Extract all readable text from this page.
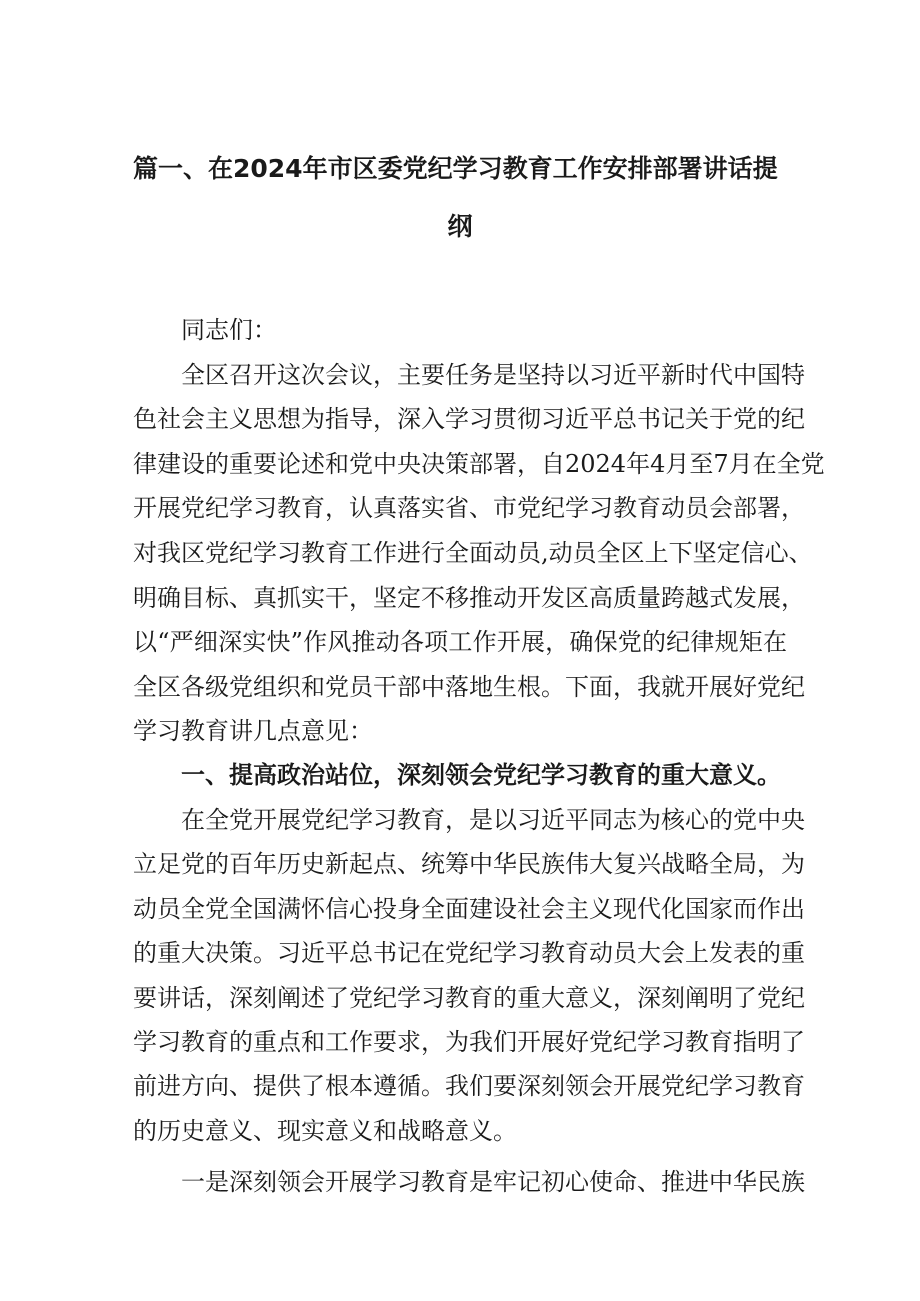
篇一、在2024年市区委党纪学习教育工作安排部署讲话提
纲
同志们：
全区召开这次会议，主要任务是坚持以习近平新时代中国特
色社会主义思想为指导，深入学习贯彻习近平总书记关于党的纪
律建设的重要论述和党中央决策部署，自2024年4月至7月在全党
开展党纪学习教育，认真落实省、市党纪学习教育动员会部署，
对我区党纪学习教育工作进行全面动员,动员全区上下坚定信心、
明确目标、真抓实干，坚定不移推动开发区高质量跨越式发展，
以“严细深实快”作风推动各项工作开展，确保党的纪律规矩在
全区各级党组织和党员干部中落地生根。下面，我就开展好党纪
学习教育讲几点意见：
一、提高政治站位，深刻领会党纪学习教育的重大意义。
在全党开展党纪学习教育，是以习近平同志为核心的党中央
立足党的百年历史新起点、统筹中华民族伟大复兴战略全局，为
动员全党全国满怀信心投身全面建设社会主义现代化国家而作出
的重大决策。习近平总书记在党纪学习教育动员大会上发表的重
要讲话，深刻阐述了党纪学习教育的重大意义，深刻阐明了党纪
学习教育的重点和工作要求，为我们开展好党纪学习教育指明了
前进方向、提供了根本遵循。我们要深刻领会开展党纪学习教育
的历史意义、现实意义和战略意义。
一是深刻领会开展学习教育是牢记初心使命、推进中华民族
